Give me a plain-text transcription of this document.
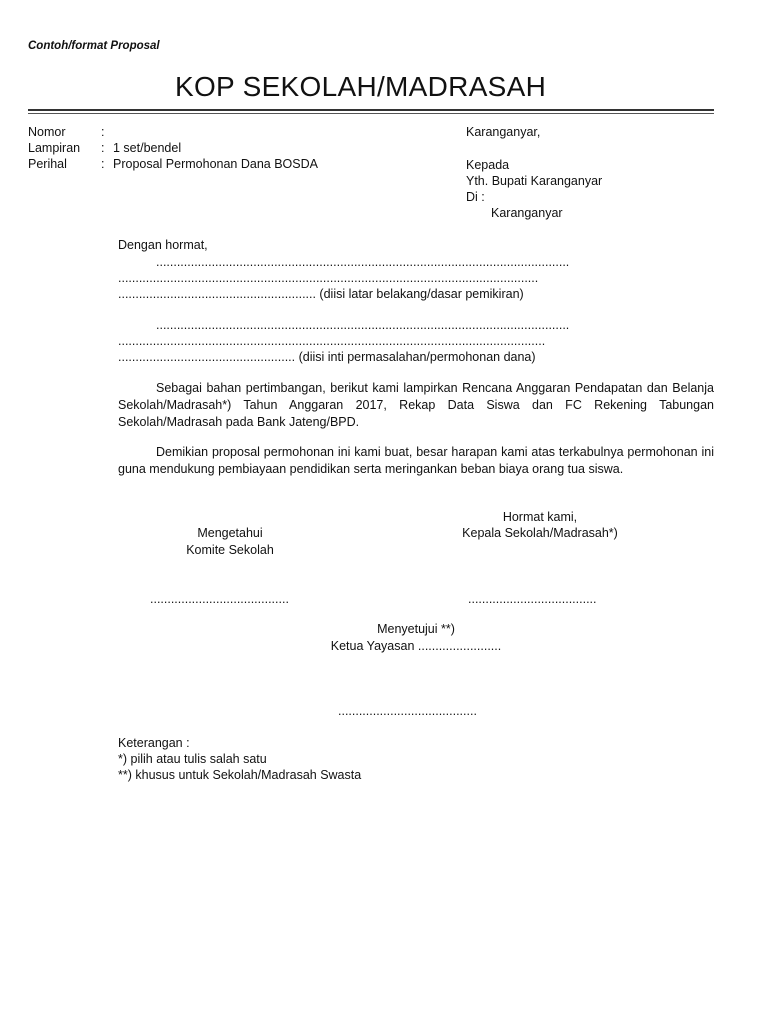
Contoh/format Proposal
KOP SEKOLAH/MADRASAH
Nomor	:
Lampiran : 1 set/bendel
Perihal	: Proposal Permohonan Dana BOSDA
Karanganyar,
Kepada
Yth. Bupati Karanganyar
Di :
Karanganyar
Dengan hormat,
.......................................................................................................................
.........................................................................................................................
......................................................... (diisi latar belakang/dasar pemikiran)
.......................................................................................................................
...........................................................................................................................
................................................... (diisi inti permasalahan/permohonan dana)
Sebagai bahan pertimbangan, berikut kami lampirkan Rencana Anggaran Pendapatan dan Belanja Sekolah/Madrasah*) Tahun Anggaran 2017, Rekap Data Siswa dan FC Rekening Tabungan Sekolah/Madrasah pada Bank Jateng/BPD.
Demikian proposal permohonan ini kami buat, besar harapan kami atas terkabulnya permohonan ini guna mendukung pembiayaan pendidikan serta meringankan beban biaya orang tua siswa.
Hormat kami,
Kepala Sekolah/Madrasah*)
Mengetahui
Komite Sekolah
........................................	.....................................
Menyetujui **)
Ketua Yayasan ........................
........................................
Keterangan :
*) pilih atau tulis salah satu
**) khusus untuk Sekolah/Madrasah Swasta
